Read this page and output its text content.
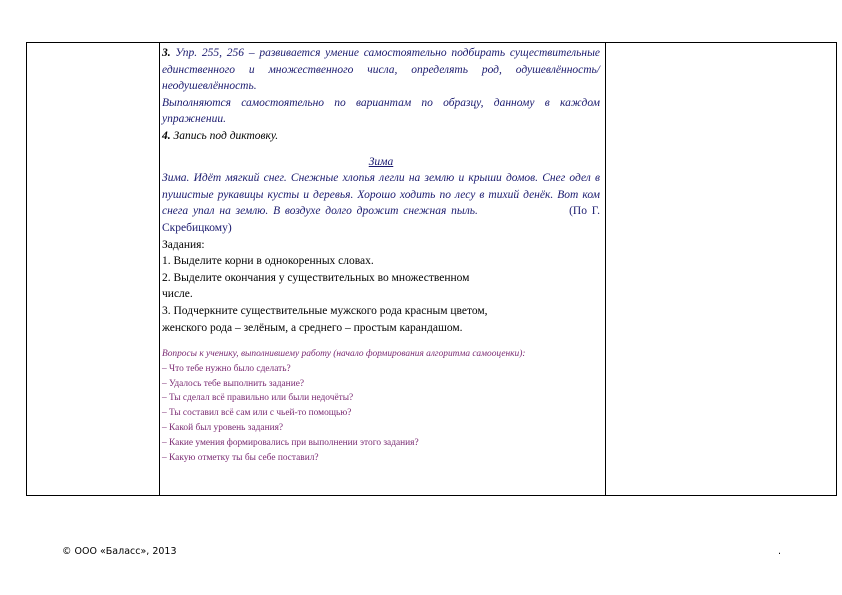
3. Упр. 255, 256 – развивается умение самостоятельно подбирать существительные единственного и множественного числа, определять род, одушевлённость/неодушевлённость.

Выполняются самостоятельно по вариантам по образцу, данному в каждом упражнении.

4. Запись под диктовку.

Зима

Зима. Идёт мягкий снег. Снежные хлопья легли на землю и крыши домов. Снег одел в пушистые рукавицы кусты и деревья. Хорошо ходить по лесу в тихий денёк. Вот ком снега упал на землю. В воздухе долго дрожит снежная пыль.	(По Г. Скребицкому)

Задания:

1. Выделите корни в однокоренных словах.

2. Выделите окончания у существительных во множественном

числе.

3. Подчеркните существительные мужского рода красным цветом,

женского рода – зелёным, а среднего – простым карандашом.

Вопросы к ученику, выполнившему работу (начало формирования алгоритма самооценки):

– Что тебе нужно было сделать?

– Удалось тебе выполнить задание?

– Ты сделал всё правильно или были недочёты?

– Ты составил всё сам или с чьей-то помощью?

– Какой был уровень задания?

– Какие умения формировались при выполнении этого задания?

– Какую отметку ты бы себе поставил?

© ООО «Баласс», 2013	.
